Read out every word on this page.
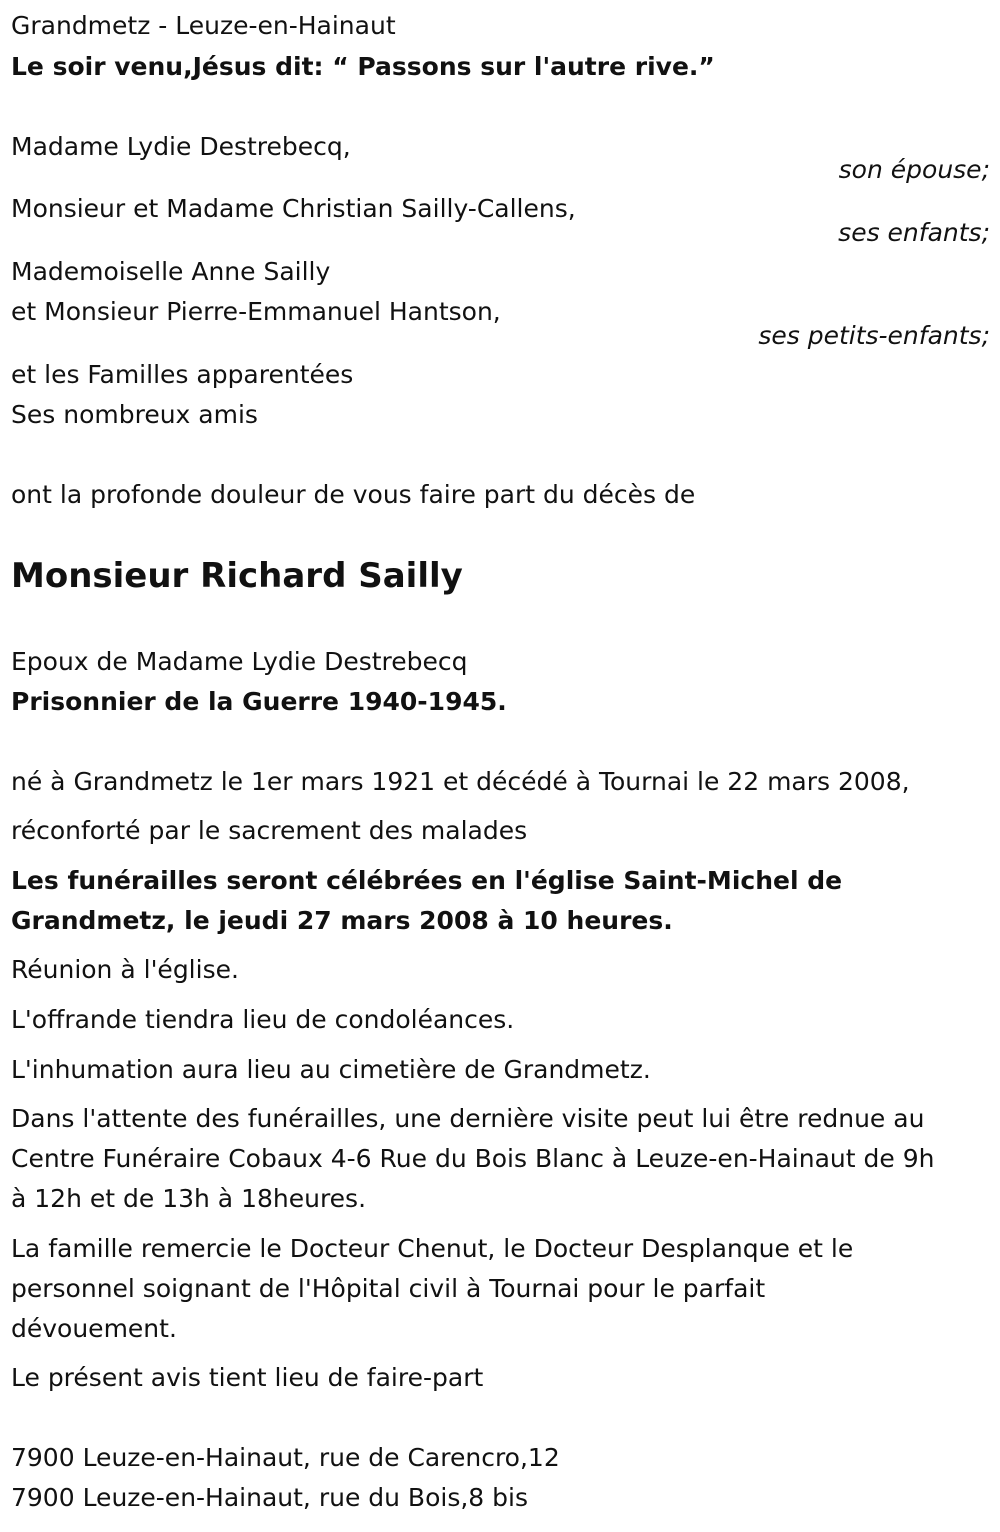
Grandmetz - Leuze-en-Hainaut
Le soir venu,Jésus dit: “ Passons sur l'autre rive.”
Madame Lydie Destrebecq,
son épouse;
Monsieur et Madame Christian Sailly-Callens,
ses enfants;
Mademoiselle Anne Sailly
et Monsieur Pierre-Emmanuel Hantson,
ses petits-enfants;
et les Familles apparentées
Ses nombreux amis
ont la profonde douleur de vous faire part du décès de
Monsieur Richard Sailly
Epoux de Madame Lydie Destrebecq
Prisonnier de la Guerre 1940-1945.
né à Grandmetz le 1er mars 1921 et décédé à Tournai le 22 mars 2008,
réconforté par le sacrement des malades
Les funérailles seront célébrées en l'église Saint-Michel de
Grandmetz, le jeudi 27 mars 2008 à 10 heures.
Réunion à l'église.
L'offrande tiendra lieu de condoléances.
L'inhumation aura lieu au cimetière de Grandmetz.
Dans l'attente des funérailles, une dernière visite peut lui être rednue au
Centre Funéraire Cobaux 4-6 Rue du Bois Blanc à Leuze-en-Hainaut de 9h
à 12h et de 13h à 18heures.
La famille remercie le Docteur Chenut, le Docteur Desplanque et le
personnel soignant de l'Hôpital civil à Tournai pour le parfait
dévouement.
Le présent avis tient lieu de faire-part
7900 Leuze-en-Hainaut, rue de Carencro,12
7900 Leuze-en-Hainaut, rue du Bois,8 bis
